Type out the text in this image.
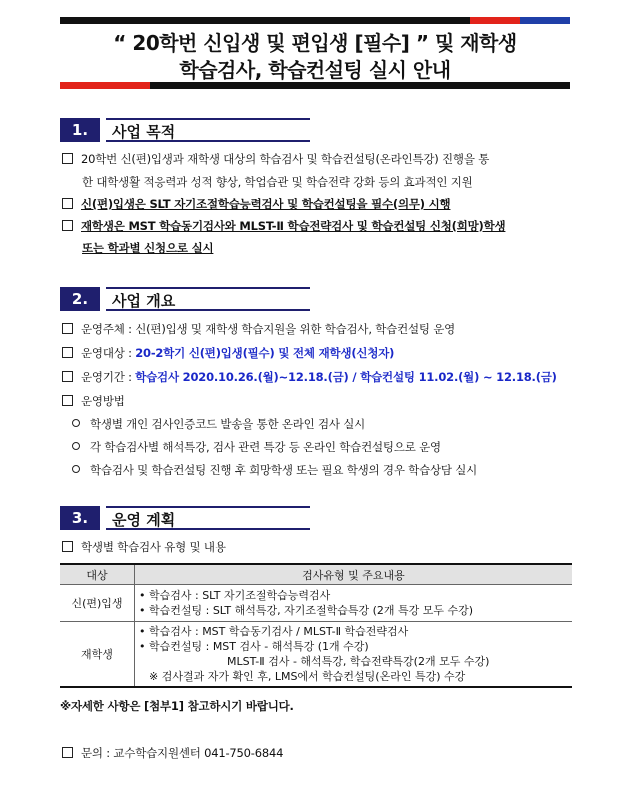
“ 20학번 신입생 및 편입생 [필수] ” 및 재학생
학습검사, 학습컨설팅 실시 안내
1.	사업 목적
20학번 신(편)입생과 재학생 대상의 학습검사 및 학습컨설팅(온라인특강) 진행을 통
한 대학생활 적응력과 성적 향상, 학업습관 및 학습전략 강화 등의 효과적인 지원
신(편)입생은 SLT 자기조절학습능력검사 및 학습컨설팅을 필수(의무) 시행
재학생은 MST 학습동기검사와 MLST-Ⅱ 학습전략검사 및 학습컨설팅 신청(희망)학생
또는 학과별 신청으로 실시
2.	사업 개요
운영주체 : 신(편)입생 및 재학생 학습지원을 위한 학습검사, 학습컨설팅 운영
운영대상 : 20-2학기 신(편)입생(필수) 및 전체 재학생(신청자)
운영기간 : 학습검사 2020.10.26.(월)~12.18.(금) / 학습컨설팅 11.02.(월) ~ 12.18.(금)
운영방법
학생별 개인 검사인증코드 발송을 통한 온라인 검사 실시
각 학습검사별 해석특강, 검사 관련 특강 등 온라인 학습컨설팅으로 운영
학습검사 및 학습컨설팅 진행 후 희망학생 또는 필요 학생의 경우 학습상담 실시
3.	운영 계획
학생별 학습검사 유형 및 내용
대상	검사유형 및 주요내용
신(편)입생	• 학습검사 : SLT 자기조절학습능력검사
• 학습컨설팅 : SLT 해석특강, 자기조절학습특강 (2개 특강 모두 수강)

재학생	• 학습검사 : MST 학습동기검사 / MLST-Ⅱ 학습전략검사
• 학습컨설팅 : MST 검사 - 해석특강 (1개 수강)
MLST-Ⅱ 검사 - 해석특강, 학습전략특강(2개 모두 수강)
※ 검사결과 자가 확인 후, LMS에서 학습컨설팅(온라인 특강) 수강
※자세한 사항은 [첨부1] 참고하시기 바랍니다.
문의 : 교수학습지원센터 041-750-6844
